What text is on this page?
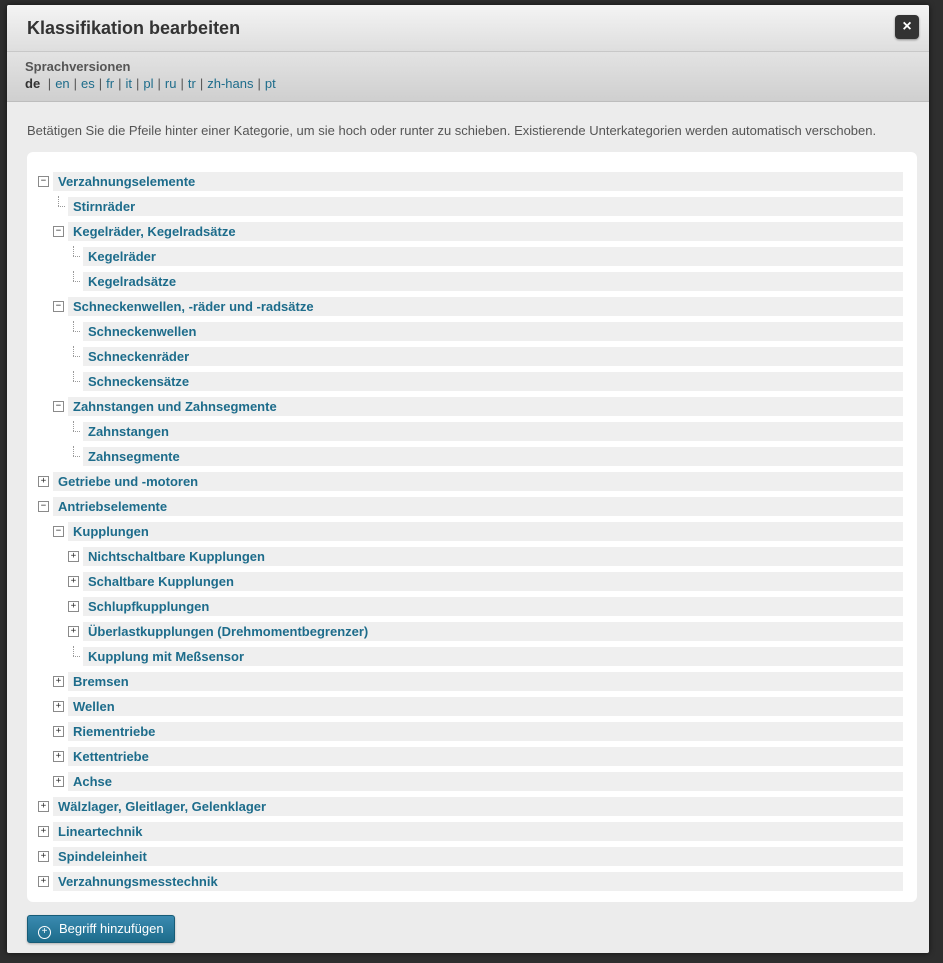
Klassifikation bearbeiten	×
Sprachversionen
de | en | es | fr | it | pl | ru | tr | zh-hans | pt
Betätigen Sie die Pfeile hinter einer Kategorie, um sie hoch oder runter zu schieben. Existierende Unterkategorien werden automatisch verschoben.
Verzahnungselemente
−
Stirnräder
Kegelräder, Kegelradsätze
−
Kegelräder
Kegelradsätze
Schneckenwellen, -räder und -radsätze
−
Schneckenwellen
Schneckenräder
Schneckensätze
Zahnstangen und Zahnsegmente
−
Zahnstangen
Zahnsegmente
Getriebe und -motoren
+
Antriebselemente
−
Kupplungen
−
Nichtschaltbare Kupplungen
+
Schaltbare Kupplungen
+
Schlupfkupplungen
+
Überlastkupplungen (Drehmomentbegrenzer)
+
Kupplung mit Meßsensor
Bremsen
+
Wellen
+
Riementriebe
+
Kettentriebe
+
Achse
+
Wälzlager, Gleitlager, Gelenklager
+
Lineartechnik
+
Spindeleinheit
+
Verzahnungsmesstechnik
+
+ Begriff hinzufügen
